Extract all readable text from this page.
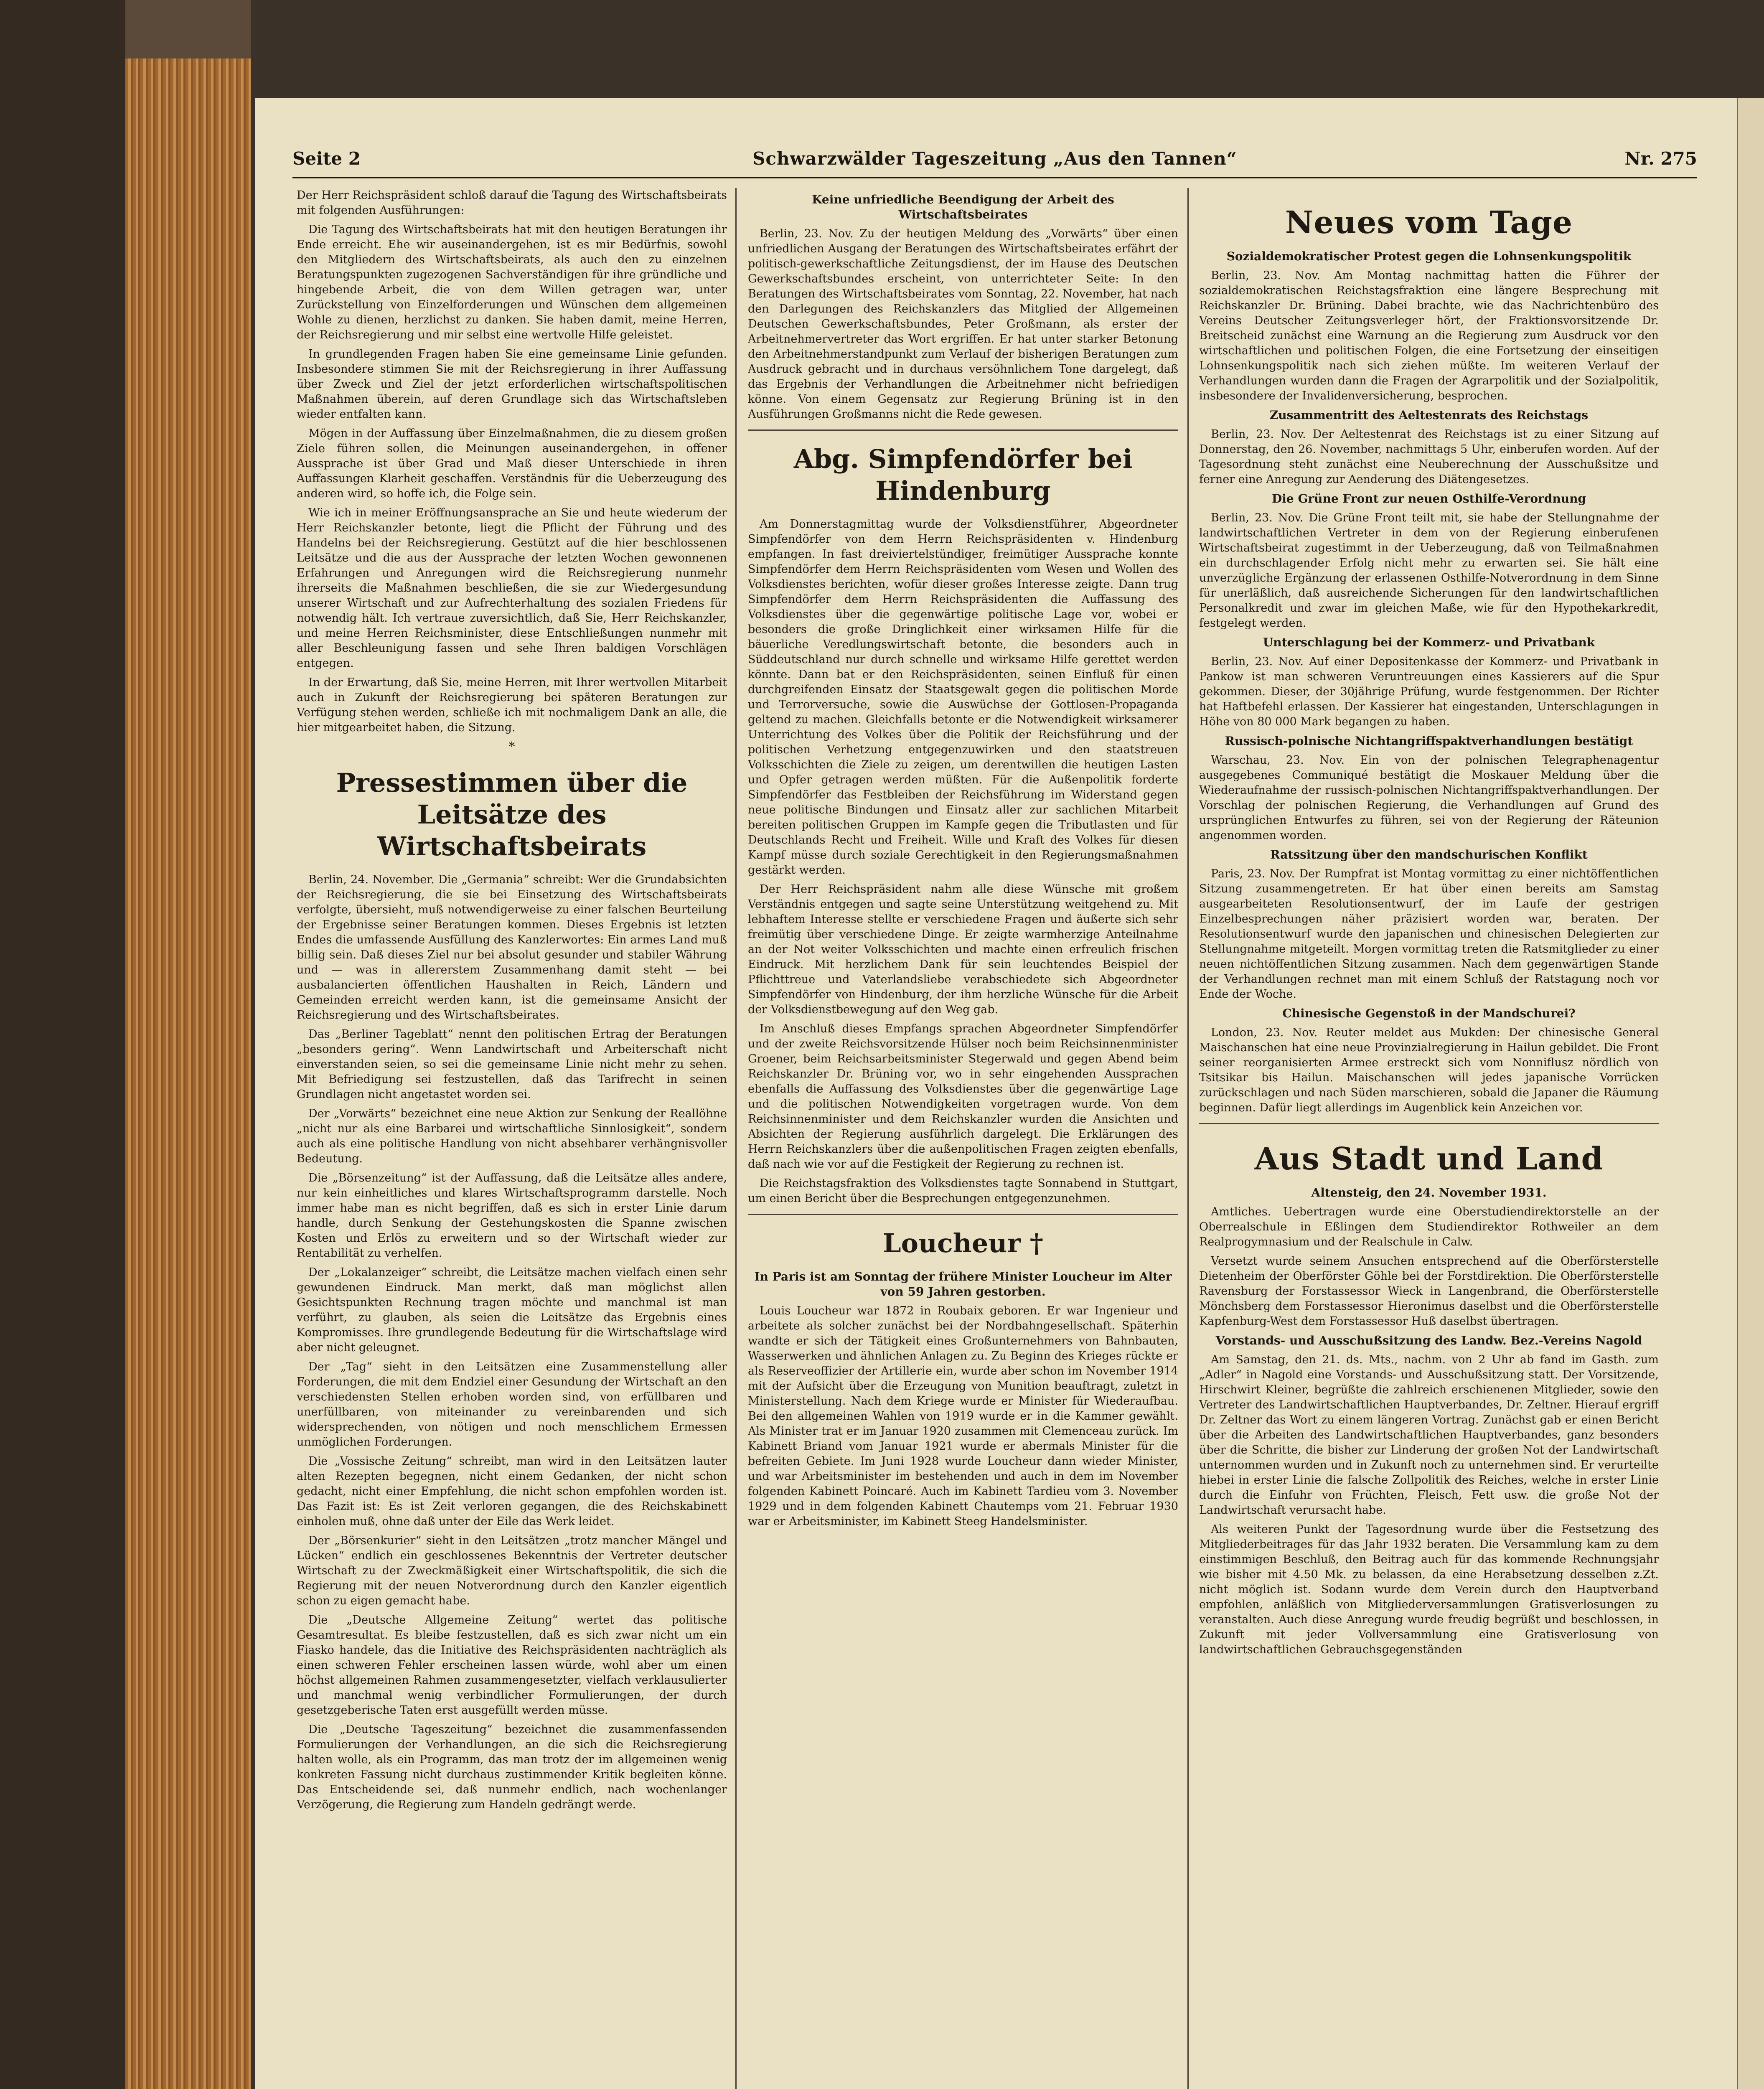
Seite 2	Schwarzwälder Tageszeitung „Aus den Tannen“	Nr. 275

Der Herr Reichspräsident schloß darauf die Tagung des Wirtschaftsbeirats mit folgenden Ausführungen:

Die Tagung des Wirtschaftsbeirats hat mit den heutigen Beratungen ihr Ende erreicht. Ehe wir auseinandergehen, ist es mir Bedürfnis, sowohl den Mitgliedern des Wirtschaftsbeirats, als auch den zu einzelnen Beratungspunkten zugezogenen Sachverständigen für ihre gründliche und hingebende Arbeit, die von dem Willen getragen war, unter Zurückstellung von Einzelforderungen und Wünschen dem allgemeinen Wohle zu dienen, herzlichst zu danken. Sie haben damit, meine Herren, der Reichsregierung und mir selbst eine wertvolle Hilfe geleistet.

In grundlegenden Fragen haben Sie eine gemeinsame Linie gefunden. Insbesondere stimmen Sie mit der Reichsregierung in ihrer Auffassung über Zweck und Ziel der jetzt erforderlichen wirtschaftspolitischen Maßnahmen überein, auf deren Grundlage sich das Wirtschaftsleben wieder entfalten kann.

Mögen in der Auffassung über Einzelmaßnahmen, die zu diesem großen Ziele führen sollen, die Meinungen auseinandergehen, in offener Aussprache ist über Grad und Maß dieser Unterschiede in ihren Auffassungen Klarheit geschaffen. Verständnis für die Ueberzeugung des anderen wird, so hoffe ich, die Folge sein.

Wie ich in meiner Eröffnungsansprache an Sie und heute wiederum der Herr Reichskanzler betonte, liegt die Pflicht der Führung und des Handelns bei der Reichsregierung. Gestützt auf die hier beschlossenen Leitsätze und die aus der Aussprache der letzten Wochen gewonnenen Erfahrungen und Anregungen wird die Reichsregierung nunmehr ihrerseits die Maßnahmen beschließen, die sie zur Wiedergesundung unserer Wirtschaft und zur Aufrechterhaltung des sozialen Friedens für notwendig hält. Ich vertraue zuversichtlich, daß Sie, Herr Reichskanzler, und meine Herren Reichsminister, diese Entschließungen nunmehr mit aller Beschleunigung fassen und sehe Ihren baldigen Vorschlägen entgegen.

In der Erwartung, daß Sie, meine Herren, mit Ihrer wertvollen Mitarbeit auch in Zukunft der Reichsregierung bei späteren Beratungen zur Verfügung stehen werden, schließe ich mit nochmaligem Dank an alle, die hier mitgearbeitet haben, die Sitzung.

*
Pressestimmen über die Leitsätze des Wirtschaftsbeirats

Berlin, 24. November. Die „Germania“ schreibt: Wer die Grundabsichten der Reichsregierung, die sie bei Einsetzung des Wirtschaftsbeirats verfolgte, übersieht, muß notwendigerweise zu einer falschen Beurteilung der Ergebnisse seiner Beratungen kommen. Dieses Ergebnis ist letzten Endes die umfassende Ausfüllung des Kanzlerwortes: Ein armes Land muß billig sein. Daß dieses Ziel nur bei absolut gesunder und stabiler Währung und — was in allererstem Zusammenhang damit steht — bei ausbalancierten öffentlichen Haushalten in Reich, Ländern und Gemeinden erreicht werden kann, ist die gemeinsame Ansicht der Reichsregierung und des Wirtschaftsbeirates.

Das „Berliner Tageblatt“ nennt den politischen Ertrag der Beratungen „besonders gering“. Wenn Landwirtschaft und Arbeiterschaft nicht einverstanden seien, so sei die gemeinsame Linie nicht mehr zu sehen. Mit Befriedigung sei festzustellen, daß das Tarifrecht in seinen Grundlagen nicht angetastet worden sei.

Der „Vorwärts“ bezeichnet eine neue Aktion zur Senkung der Reallöhne „nicht nur als eine Barbarei und wirtschaftliche Sinnlosigkeit“, sondern auch als eine politische Handlung von nicht absehbarer verhängnisvoller Bedeutung.

Die „Börsenzeitung“ ist der Auffassung, daß die Leitsätze alles andere, nur kein einheitliches und klares Wirtschaftsprogramm darstelle. Noch immer habe man es nicht begriffen, daß es sich in erster Linie darum handle, durch Senkung der Gestehungskosten die Spanne zwischen Kosten und Erlös zu erweitern und so der Wirtschaft wieder zur Rentabilität zu verhelfen.

Der „Lokalanzeiger“ schreibt, die Leitsätze machen vielfach einen sehr gewundenen Eindruck. Man merkt, daß man möglichst allen Gesichtspunkten Rechnung tragen möchte und manchmal ist man verführt, zu glauben, als seien die Leitsätze das Ergebnis eines Kompromisses. Ihre grundlegende Bedeutung für die Wirtschaftslage wird aber nicht geleugnet.

Der „Tag“ sieht in den Leitsätzen eine Zusammenstellung aller Forderungen, die mit dem Endziel einer Gesundung der Wirtschaft an den verschiedensten Stellen erhoben worden sind, von erfüllbaren und unerfüllbaren, von miteinander zu vereinbarenden und sich widersprechenden, von nötigen und noch menschlichem Ermessen unmöglichen Forderungen.

Die „Vossische Zeitung“ schreibt, man wird in den Leitsätzen lauter alten Rezepten begegnen, nicht einem Gedanken, der nicht schon gedacht, nicht einer Empfehlung, die nicht schon empfohlen worden ist. Das Fazit ist: Es ist Zeit verloren gegangen, die des Reichskabinett einholen muß, ohne daß unter der Eile das Werk leidet.

Der „Börsenkurier“ sieht in den Leitsätzen „trotz mancher Mängel und Lücken“ endlich ein geschlossenes Bekenntnis der Vertreter deutscher Wirtschaft zu der Zweckmäßigkeit einer Wirtschaftspolitik, die sich die Regierung mit der neuen Notverordnung durch den Kanzler eigentlich schon zu eigen gemacht habe.

Die „Deutsche Allgemeine Zeitung“ wertet das politische Gesamtresultat. Es bleibe festzustellen, daß es sich zwar nicht um ein Fiasko handele, das die Initiative des Reichspräsidenten nachträglich als einen schweren Fehler erscheinen lassen würde, wohl aber um einen höchst allgemeinen Rahmen zusammengesetzter, vielfach verklausulierter und manchmal wenig verbindlicher Formulierungen, der durch gesetzgeberische Taten erst ausgefüllt werden müsse.

Die „Deutsche Tageszeitung“ bezeichnet die zusammenfassenden Formulierungen der Verhandlungen, an die sich die Reichsregierung halten wolle, als ein Programm, das man trotz der im allgemeinen wenig konkreten Fassung nicht durchaus zustimmender Kritik begleiten könne. Das Entscheidende sei, daß nunmehr endlich, nach wochenlanger Verzögerung, die Regierung zum Handeln gedrängt werde.

Keine unfriedliche Beendigung der Arbeit des Wirtschaftsbeirates

Berlin, 23. Nov. Zu der heutigen Meldung des „Vorwärts“ über einen unfriedlichen Ausgang der Beratungen des Wirtschaftsbeirates erfährt der politisch-gewerkschaftliche Zeitungsdienst, der im Hause des Deutschen Gewerkschaftsbundes erscheint, von unterrichteter Seite: In den Beratungen des Wirtschaftsbeirates vom Sonntag, 22. November, hat nach den Darlegungen des Reichskanzlers das Mitglied der Allgemeinen Deutschen Gewerkschaftsbundes, Peter Großmann, als erster der Arbeitnehmervertreter das Wort ergriffen. Er hat unter starker Betonung den Arbeitnehmerstandpunkt zum Verlauf der bisherigen Beratungen zum Ausdruck gebracht und in durchaus versöhnlichem Tone dargelegt, daß das Ergebnis der Verhandlungen die Arbeitnehmer nicht befriedigen könne. Von einem Gegensatz zur Regierung Brüning ist in den Ausführungen Großmanns nicht die Rede gewesen.

Abg. Simpfendörfer bei Hindenburg

Am Donnerstagmittag wurde der Volksdienstführer, Abgeordneter Simpfendörfer von dem Herrn Reichspräsidenten v. Hindenburg empfangen. In fast dreiviertelstündiger, freimütiger Aussprache konnte Simpfendörfer dem Herrn Reichspräsidenten vom Wesen und Wollen des Volksdienstes berichten, wofür dieser großes Interesse zeigte. Dann trug Simpfendörfer dem Herrn Reichspräsidenten die Auffassung des Volksdienstes über die gegenwärtige politische Lage vor, wobei er besonders die große Dringlichkeit einer wirksamen Hilfe für die bäuerliche Veredlungswirtschaft betonte, die besonders auch in Süddeutschland nur durch schnelle und wirksame Hilfe gerettet werden könnte. Dann bat er den Reichspräsidenten, seinen Einfluß für einen durchgreifenden Einsatz der Staatsgewalt gegen die politischen Morde und Terrorversuche, sowie die Auswüchse der Gottlosen-Propaganda geltend zu machen. Gleichfalls betonte er die Notwendigkeit wirksamerer Unterrichtung des Volkes über die Politik der Reichsführung und der politischen Verhetzung entgegenzuwirken und den staatstreuen Volksschichten die Ziele zu zeigen, um derentwillen die heutigen Lasten und Opfer getragen werden müßten. Für die Außenpolitik forderte Simpfendörfer das Festbleiben der Reichsführung im Widerstand gegen neue politische Bindungen und Einsatz aller zur sachlichen Mitarbeit bereiten politischen Gruppen im Kampfe gegen die Tributlasten und für Deutschlands Recht und Freiheit. Wille und Kraft des Volkes für diesen Kampf müsse durch soziale Gerechtigkeit in den Regierungsmaßnahmen gestärkt werden.

Der Herr Reichspräsident nahm alle diese Wünsche mit großem Verständnis entgegen und sagte seine Unterstützung weitgehend zu. Mit lebhaftem Interesse stellte er verschiedene Fragen und äußerte sich sehr freimütig über verschiedene Dinge. Er zeigte warmherzige Anteilnahme an der Not weiter Volksschichten und machte einen erfreulich frischen Eindruck. Mit herzlichem Dank für sein leuchtendes Beispiel der Pflichttreue und Vaterlandsliebe verabschiedete sich Abgeordneter Simpfendörfer von Hindenburg, der ihm herzliche Wünsche für die Arbeit der Volksdienstbewegung auf den Weg gab.

Im Anschluß dieses Empfangs sprachen Abgeordneter Simpfendörfer und der zweite Reichsvorsitzende Hülser noch beim Reichsinnenminister Groener, beim Reichsarbeitsminister Stegerwald und gegen Abend beim Reichskanzler Dr. Brüning vor, wo in sehr eingehenden Aussprachen ebenfalls die Auffassung des Volksdienstes über die gegenwärtige Lage und die politischen Notwendigkeiten vorgetragen wurde. Von dem Reichsinnenminister und dem Reichskanzler wurden die Ansichten und Absichten der Regierung ausführlich dargelegt. Die Erklärungen des Herrn Reichskanzlers über die außenpolitischen Fragen zeigten ebenfalls, daß nach wie vor auf die Festigkeit der Regierung zu rechnen ist.

Die Reichstagsfraktion des Volksdienstes tagte Sonnabend in Stuttgart, um einen Bericht über die Besprechungen entgegenzunehmen.

Loucheur †
In Paris ist am Sonntag der frühere Minister Loucheur im Alter von 59 Jahren gestorben.

Louis Loucheur war 1872 in Roubaix geboren. Er war Ingenieur und arbeitete als solcher zunächst bei der Nordbahngesellschaft. Späterhin wandte er sich der Tätigkeit eines Großunternehmers von Bahnbauten, Wasserwerken und ähnlichen Anlagen zu. Zu Beginn des Krieges rückte er als Reserveoffizier der Artillerie ein, wurde aber schon im November 1914 mit der Aufsicht über die Erzeugung von Munition beauftragt, zuletzt in Ministerstellung. Nach dem Kriege wurde er Minister für Wiederaufbau. Bei den allgemeinen Wahlen von 1919 wurde er in die Kammer gewählt. Als Minister trat er im Januar 1920 zusammen mit Clemenceau zurück. Im Kabinett Briand vom Januar 1921 wurde er abermals Minister für die befreiten Gebiete. Im Juni 1928 wurde Loucheur dann wieder Minister, und war Arbeitsminister im bestehenden und auch in dem im November folgenden Kabinett Poincaré. Auch im Kabinett Tardieu vom 3. November 1929 und in dem folgenden Kabinett Chautemps vom 21. Februar 1930 war er Arbeitsminister, im Kabinett Steeg Handelsminister.

Neues vom Tage
Sozialdemokratischer Protest gegen die Lohnsenkungspolitik

Berlin, 23. Nov. Am Montag nachmittag hatten die Führer der sozialdemokratischen Reichstagsfraktion eine längere Besprechung mit Reichskanzler Dr. Brüning. Dabei brachte, wie das Nachrichtenbüro des Vereins Deutscher Zeitungsverleger hört, der Fraktionsvorsitzende Dr. Breitscheid zunächst eine Warnung an die Regierung zum Ausdruck vor den wirtschaftlichen und politischen Folgen, die eine Fortsetzung der einseitigen Lohnsenkungspolitik nach sich ziehen müßte. Im weiteren Verlauf der Verhandlungen wurden dann die Fragen der Agrarpolitik und der Sozialpolitik, insbesondere der Invalidenversicherung, besprochen.

Zusammentritt des Aeltestenrats des Reichstags

Berlin, 23. Nov. Der Aeltestenrat des Reichstags ist zu einer Sitzung auf Donnerstag, den 26. November, nachmittags 5 Uhr, einberufen worden. Auf der Tagesordnung steht zunächst eine Neuberechnung der Ausschußsitze und ferner eine Anregung zur Aenderung des Diätengesetzes.

Die Grüne Front zur neuen Osthilfe-Verordnung

Berlin, 23. Nov. Die Grüne Front teilt mit, sie habe der Stellungnahme der landwirtschaftlichen Vertreter in dem von der Regierung einberufenen Wirtschaftsbeirat zugestimmt in der Ueberzeugung, daß von Teilmaßnahmen ein durchschlagender Erfolg nicht mehr zu erwarten sei. Sie hält eine unverzügliche Ergänzung der erlassenen Osthilfe-Notverordnung in dem Sinne für unerläßlich, daß ausreichende Sicherungen für den landwirtschaftlichen Personalkredit und zwar im gleichen Maße, wie für den Hypothekarkredit, festgelegt werden.

Unterschlagung bei der Kommerz- und Privatbank

Berlin, 23. Nov. Auf einer Depositenkasse der Kommerz- und Privatbank in Pankow ist man schweren Veruntreuungen eines Kassierers auf die Spur gekommen. Dieser, der 30jährige Prüfung, wurde festgenommen. Der Richter hat Haftbefehl erlassen. Der Kassierer hat eingestanden, Unterschlagungen in Höhe von 80 000 Mark begangen zu haben.

Russisch-polnische Nichtangriffspaktverhandlungen bestätigt

Warschau, 23. Nov. Ein von der polnischen Telegraphenagentur ausgegebenes Communiqué bestätigt die Moskauer Meldung über die Wiederaufnahme der russisch-polnischen Nichtangriffspaktverhandlungen. Der Vorschlag der polnischen Regierung, die Verhandlungen auf Grund des ursprünglichen Entwurfes zu führen, sei von der Regierung der Räteunion angenommen worden.

Ratssitzung über den mandschurischen Konflikt

Paris, 23. Nov. Der Rumpfrat ist Montag vormittag zu einer nichtöffentlichen Sitzung zusammengetreten. Er hat über einen bereits am Samstag ausgearbeiteten Resolutionsentwurf, der im Laufe der gestrigen Einzelbesprechungen näher präzisiert worden war, beraten. Der Resolutionsentwurf wurde den japanischen und chinesischen Delegierten zur Stellungnahme mitgeteilt. Morgen vormittag treten die Ratsmitglieder zu einer neuen nichtöffentlichen Sitzung zusammen. Nach dem gegenwärtigen Stande der Verhandlungen rechnet man mit einem Schluß der Ratstagung noch vor Ende der Woche.

Chinesische Gegenstoß in der Mandschurei?

London, 23. Nov. Reuter meldet aus Mukden: Der chinesische General Maischanschen hat eine neue Provinzialregierung in Hailun gebildet. Die Front seiner reorganisierten Armee erstreckt sich vom Nonniflusz nördlich von Tsitsikar bis Hailun. Maischanschen will jedes japanische Vorrücken zurückschlagen und nach Süden marschieren, sobald die Japaner die Räumung beginnen. Dafür liegt allerdings im Augenblick kein Anzeichen vor.

Aus Stadt und Land
Altensteig, den 24. November 1931.

Amtliches. Uebertragen wurde eine Oberstudiendirektorstelle an der Oberrealschule in Eßlingen dem Studiendirektor Rothweiler an dem Realprogymnasium und der Realschule in Calw.

Versetzt wurde seinem Ansuchen entsprechend auf die Oberförsterstelle Dietenheim der Oberförster Göhle bei der Forstdirektion. Die Oberförsterstelle Ravensburg der Forstassessor Wieck in Langenbrand, die Oberförsterstelle Mönchsberg dem Forstassessor Hieronimus daselbst und die Oberförsterstelle Kapfenburg-West dem Forstassessor Huß daselbst übertragen.

Vorstands- und Ausschußsitzung des Landw. Bez.-Vereins Nagold

Am Samstag, den 21. ds. Mts., nachm. von 2 Uhr ab fand im Gasth. zum „Adler“ in Nagold eine Vorstands- und Ausschußsitzung statt. Der Vorsitzende, Hirschwirt Kleiner, begrüßte die zahlreich erschienenen Mitglieder, sowie den Vertreter des Landwirtschaftlichen Hauptverbandes, Dr. Zeltner. Hierauf ergriff Dr. Zeltner das Wort zu einem längeren Vortrag. Zunächst gab er einen Bericht über die Arbeiten des Landwirtschaftlichen Hauptverbandes, ganz besonders über die Schritte, die bisher zur Linderung der großen Not der Landwirtschaft unternommen wurden und in Zukunft noch zu unternehmen sind. Er verurteilte hiebei in erster Linie die falsche Zollpolitik des Reiches, welche in erster Linie durch die Einfuhr von Früchten, Fleisch, Fett usw. die große Not der Landwirtschaft verursacht habe.

Als weiteren Punkt der Tagesordnung wurde über die Festsetzung des Mitgliederbeitrages für das Jahr 1932 beraten. Die Versammlung kam zu dem einstimmigen Beschluß, den Beitrag auch für das kommende Rechnungsjahr wie bisher mit 4.50 Mk. zu belassen, da eine Herabsetzung desselben z.Zt. nicht möglich ist. Sodann wurde dem Verein durch den Hauptverband empfohlen, anläßlich von Mitgliederversammlungen Gratisverlosungen zu veranstalten. Auch diese Anregung wurde freudig begrüßt und beschlossen, in Zukunft mit jeder Vollversammlung eine Gratisverlosung von landwirtschaftlichen Gebrauchsgegenständen
